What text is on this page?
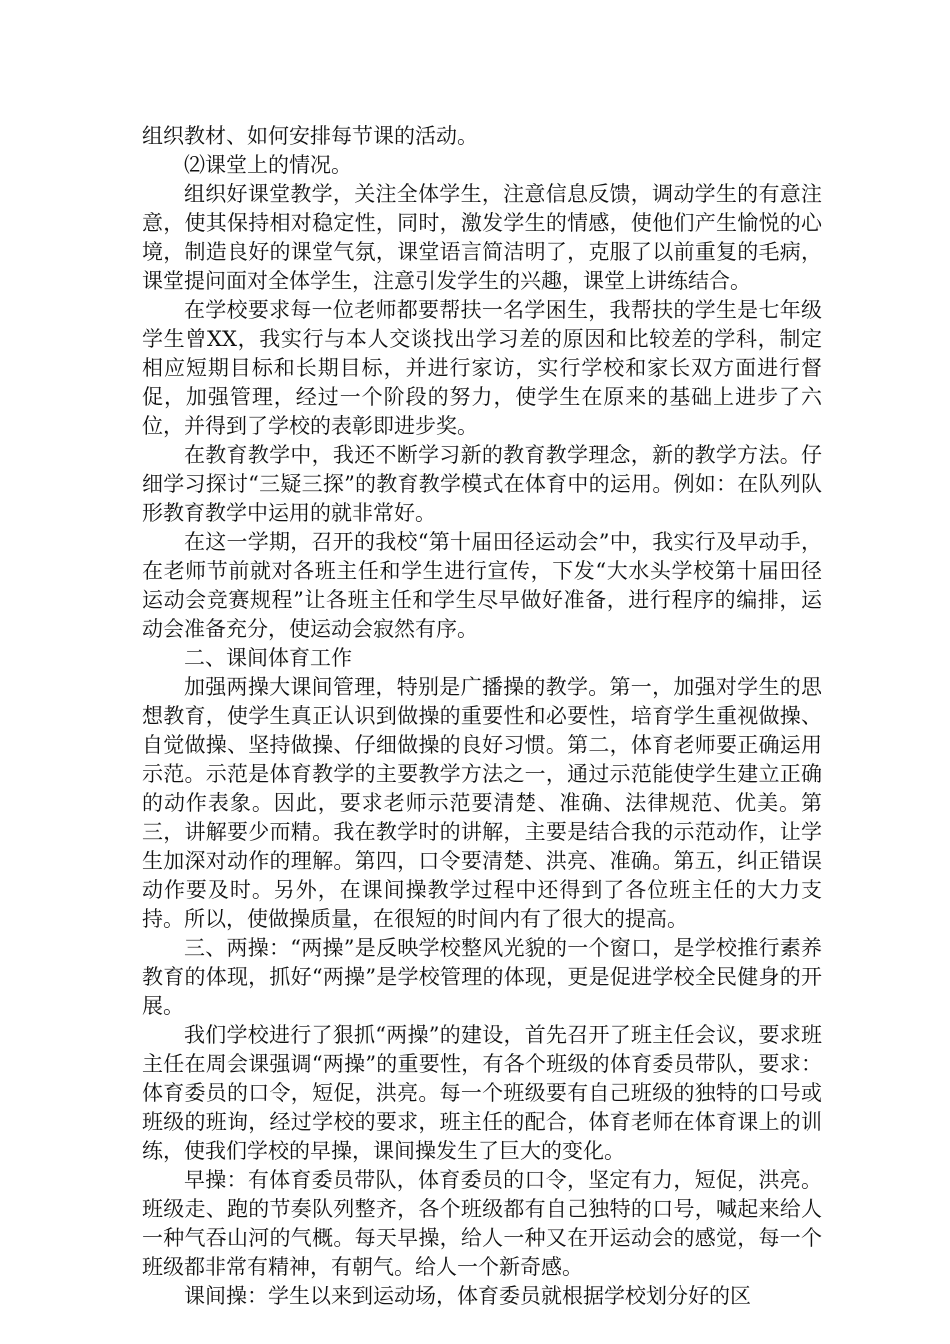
组织教材、如何安排每节课的活动。

⑵课堂上的情况。

组织好课堂教学，关注全体学生，注意信息反馈，调动学生的有意注意，使其保持相对稳定性，同时，激发学生的情感，使他们产生愉悦的心境，制造良好的课堂气氛，课堂语言简洁明了，克服了以前重复的毛病，课堂提问面对全体学生，注意引发学生的兴趣，课堂上讲练结合。

在学校要求每一位老师都要帮扶一名学困生，我帮扶的学生是七年级学生曾XX，我实行与本人交谈找出学习差的原因和比较差的学科，制定相应短期目标和长期目标，并进行家访，实行学校和家长双方面进行督促，加强管理，经过一个阶段的努力，使学生在原来的基础上进步了六位，并得到了学校的表彰即进步奖。

在教育教学中，我还不断学习新的教育教学理念，新的教学方法。仔细学习探讨“三疑三探”的教育教学模式在体育中的运用。例如：在队列队形教育教学中运用的就非常好。

在这一学期，召开的我校“第十届田径运动会”中，我实行及早动手，在老师节前就对各班主任和学生进行宣传，下发“大水头学校第十届田径运动会竞赛规程”让各班主任和学生尽早做好准备，进行程序的编排，运动会准备充分，使运动会寂然有序。

二、课间体育工作

加强两操大课间管理，特别是广播操的教学。第一，加强对学生的思想教育，使学生真正认识到做操的重要性和必要性，培育学生重视做操、自觉做操、坚持做操、仔细做操的良好习惯。第二，体育老师要正确运用示范。示范是体育教学的主要教学方法之一，通过示范能使学生建立正确的动作表象。因此，要求老师示范要清楚、准确、法律规范、优美。第三，讲解要少而精。我在教学时的讲解，主要是结合我的示范动作，让学生加深对动作的理解。第四，口令要清楚、洪亮、准确。第五，纠正错误动作要及时。另外，在课间操教学过程中还得到了各位班主任的大力支持。所以，使做操质量，在很短的时间内有了很大的提高。

三、两操：“两操”是反映学校整风光貌的一个窗口，是学校推行素养教育的体现，抓好“两操”是学校管理的体现，更是促进学校全民健身的开展。

我们学校进行了狠抓“两操”的建设，首先召开了班主任会议，要求班主任在周会课强调“两操”的重要性，有各个班级的体育委员带队，要求：体育委员的口令，短促，洪亮。每一个班级要有自己班级的独特的口号或班级的班询，经过学校的要求，班主任的配合，体育老师在体育课上的训练，使我们学校的早操，课间操发生了巨大的变化。

早操：有体育委员带队，体育委员的口令，坚定有力，短促，洪亮。班级走、跑的节奏队列整齐，各个班级都有自己独特的口号，喊起来给人一种气吞山河的气概。每天早操，给人一种又在开运动会的感觉，每一个班级都非常有精神，有朝气。给人一个新奇感。

课间操：学生以来到运动场，体育委员就根据学校划分好的区
